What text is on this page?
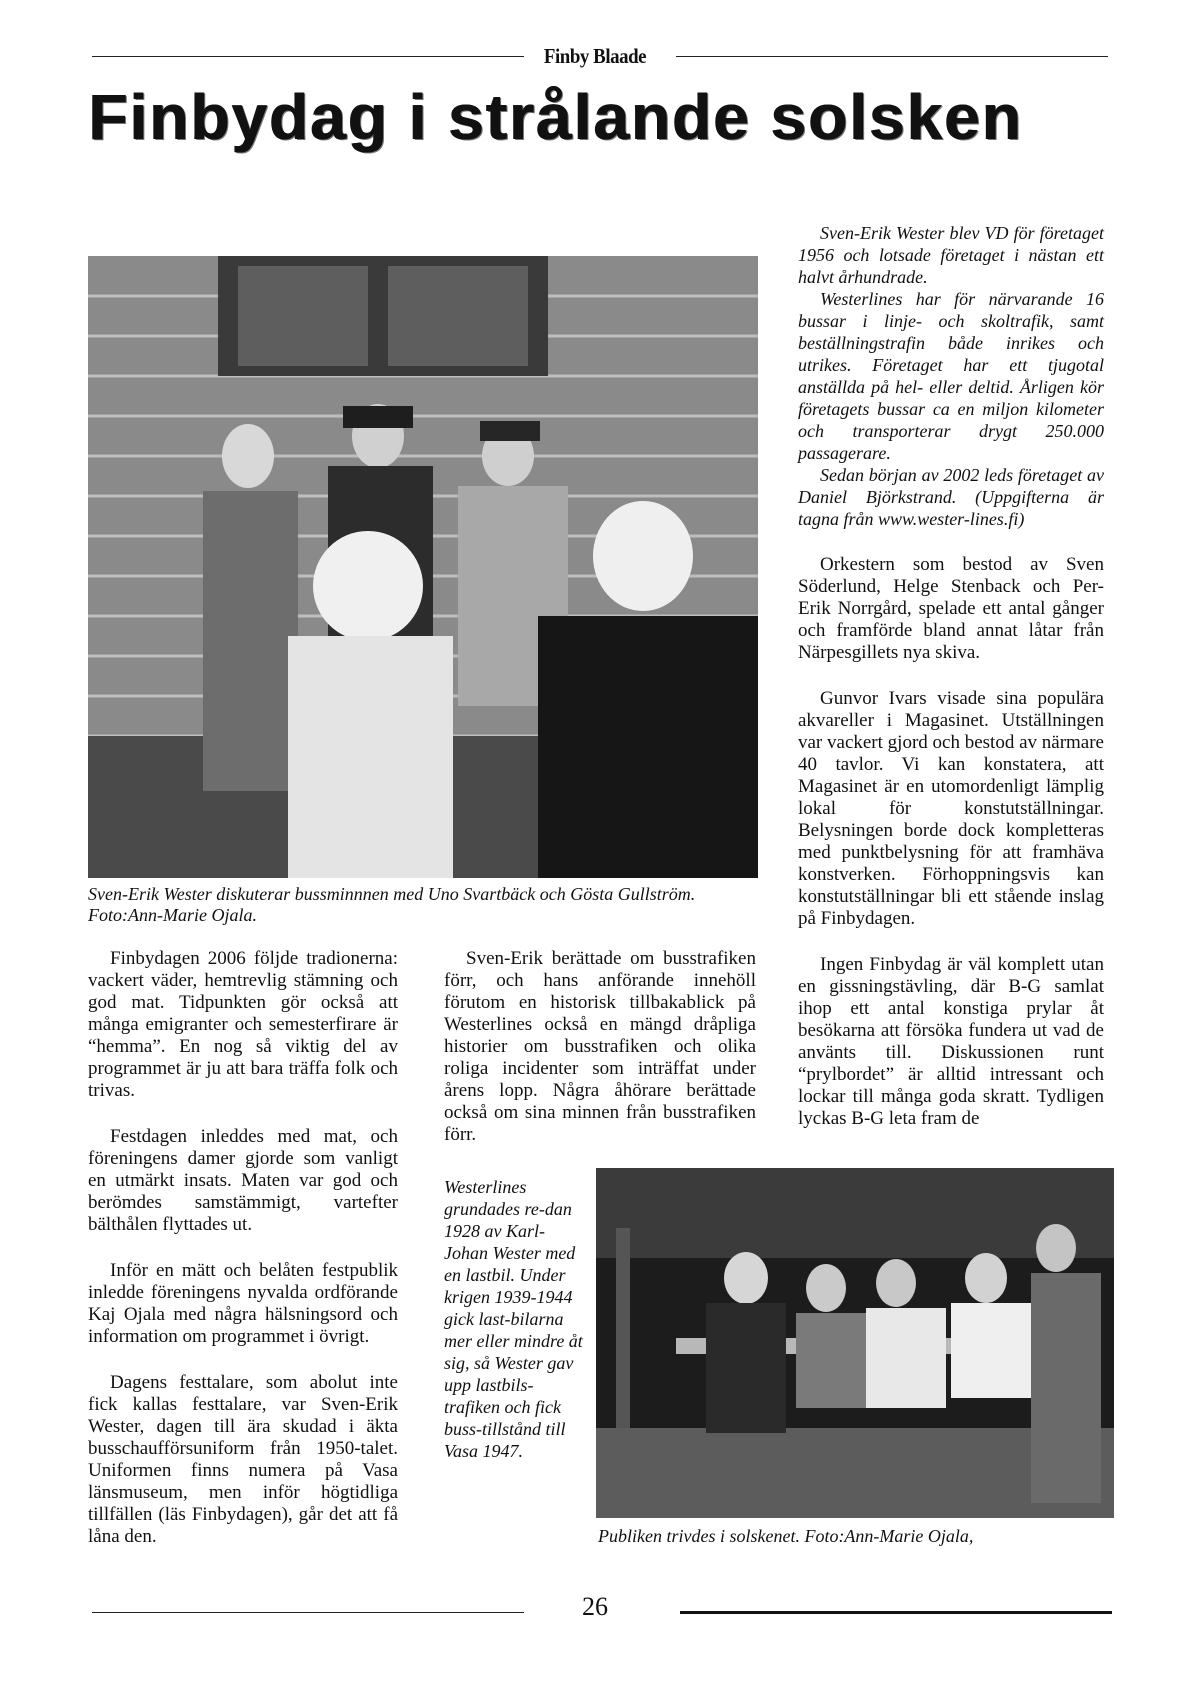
Finby Blaade
Finbydag i strålande solsken
Sven-Erik Wester diskuterar bussminnnen med Uno Svartbäck och Gösta Gullström.
Foto:Ann-Marie Ojala.

Sven-Erik Wester blev VD för företaget 1956 och lotsade företaget i nästan ett halvt århundrade.

Westerlines har för närvarande 16 bussar i linje- och skoltrafik, samt beställningstrafin både inrikes och utrikes. Företaget har ett tjugotal anställda på hel- eller deltid. Årligen kör företagets bussar ca en miljon kilometer och transporterar drygt 250.000 passagerare.

Sedan början av 2002 leds företaget av Daniel Björkstrand. (Uppgifterna är tagna från www.wester-lines.fi)

Orkestern som bestod av Sven Söderlund, Helge Stenback och Per-Erik Norrgård, spelade ett antal gånger och framförde bland annat låtar från Närpesgillets nya skiva.

Gunvor Ivars visade sina populära akvareller i Magasinet. Utställningen var vackert gjord och bestod av närmare 40 tavlor. Vi kan konstatera, att Magasinet är en utomordenligt lämplig lokal för konstutställningar. Belysningen borde dock kompletteras med punktbelysning för att framhäva konstverken. Förhoppningsvis kan konstutställningar bli ett stående inslag på Finbydagen.

Ingen Finbydag är väl komplett utan en gissningstävling, där B-G samlat ihop ett antal konstiga prylar åt besökarna att försöka fundera ut vad de använts till. Diskussionen runt “prylbordet” är alltid intressant och lockar till många goda skratt. Tydligen lyckas B-G leta fram de

Finbydagen 2006 följde tradionerna: vackert väder, hemtrevlig stämning och god mat. Tidpunkten gör också att många emigranter och semesterfirare är “hemma”. En nog så viktig del av programmet är ju att bara träffa folk och trivas.

Festdagen inleddes med mat, och föreningens damer gjorde som vanligt en utmärkt insats. Maten var god och berömdes samstämmigt, vartefter bälthålen flyttades ut.

Inför en mätt och belåten festpublik inledde föreningens nyvalda ordförande Kaj Ojala med några hälsningsord och information om programmet i övrigt.

Dagens festtalare, som abolut inte fick kallas festtalare, var Sven-Erik Wester, dagen till ära skudad i äkta busschaufförsuniform från 1950-talet. Uniformen finns numera på Vasa länsmuseum, men inför högtidliga tillfällen (läs Finbydagen), går det att få låna den.

Sven-Erik berättade om busstrafiken förr, och hans anförande innehöll förutom en historisk tillbakablick på Westerlines också en mängd dråpliga historier om busstrafiken och olika roliga incidenter som inträffat under årens lopp. Några åhörare berättade också om sina minnen från busstrafiken förr.

Westerlines grundades re-dan 1928 av Karl-Johan Wester med en lastbil. Under krigen 1939-1944 gick last-bilarna mer eller mindre åt sig, så Wester gav upp lastbils-trafiken och fick buss-tillstånd till Vasa 1947.

Publiken trivdes i solskenet. Foto:Ann-Marie Ojala,
26
